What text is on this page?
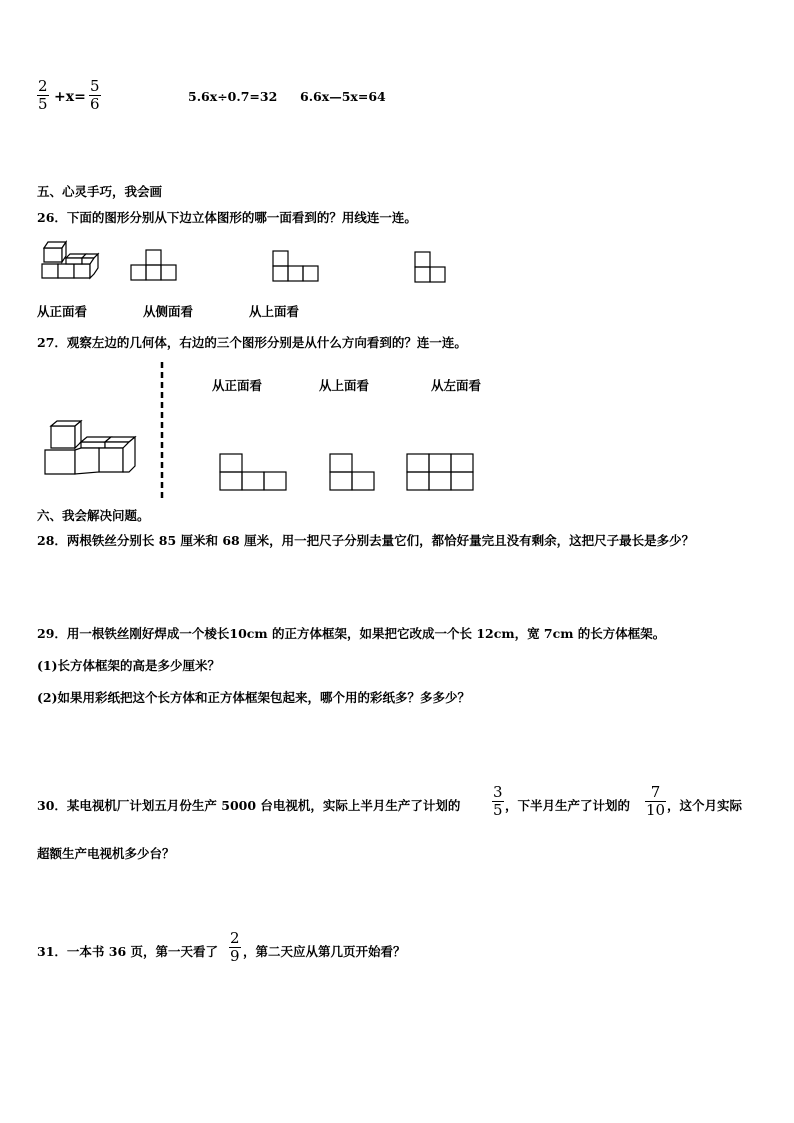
2
5 +x=
5
6	5.6x÷0.7=32 6.6x—5x=64
五、心灵手巧，我会画
26．下面的图形分别从下边立体图形的哪一面看到的？用线连一连。
从正面看	从侧面看	从上面看
27．观察左边的几何体，右边的三个图形分别是从什么方向看到的？连一连。
从正面看	从上面看	从左面看
六、我会解决问题。
28．两根铁丝分别长 85 厘米和 68 厘米，用一把尺子分别去量它们，都恰好量完且没有剩余，这把尺子最长是多少？
29．用一根铁丝刚好焊成一个棱长10cm 的正方体框架，如果把它改成一个长 12cm，宽 7cm 的长方体框架。
(1)长方体框架的高是多少厘米？
(2)如果用彩纸把这个长方体和正方体框架包起来，哪个用的彩纸多？多多少？
30．某电视机厂计划五月份生产 5000 台电视机，实际上半月生产了计划的
3
5 ，下半月生产了计划的
7
10 ，这个月实际
超额生产电视机多少台？
31．一本书 36 页，第一天看了
2
9 ，第二天应从第几页开始看？
